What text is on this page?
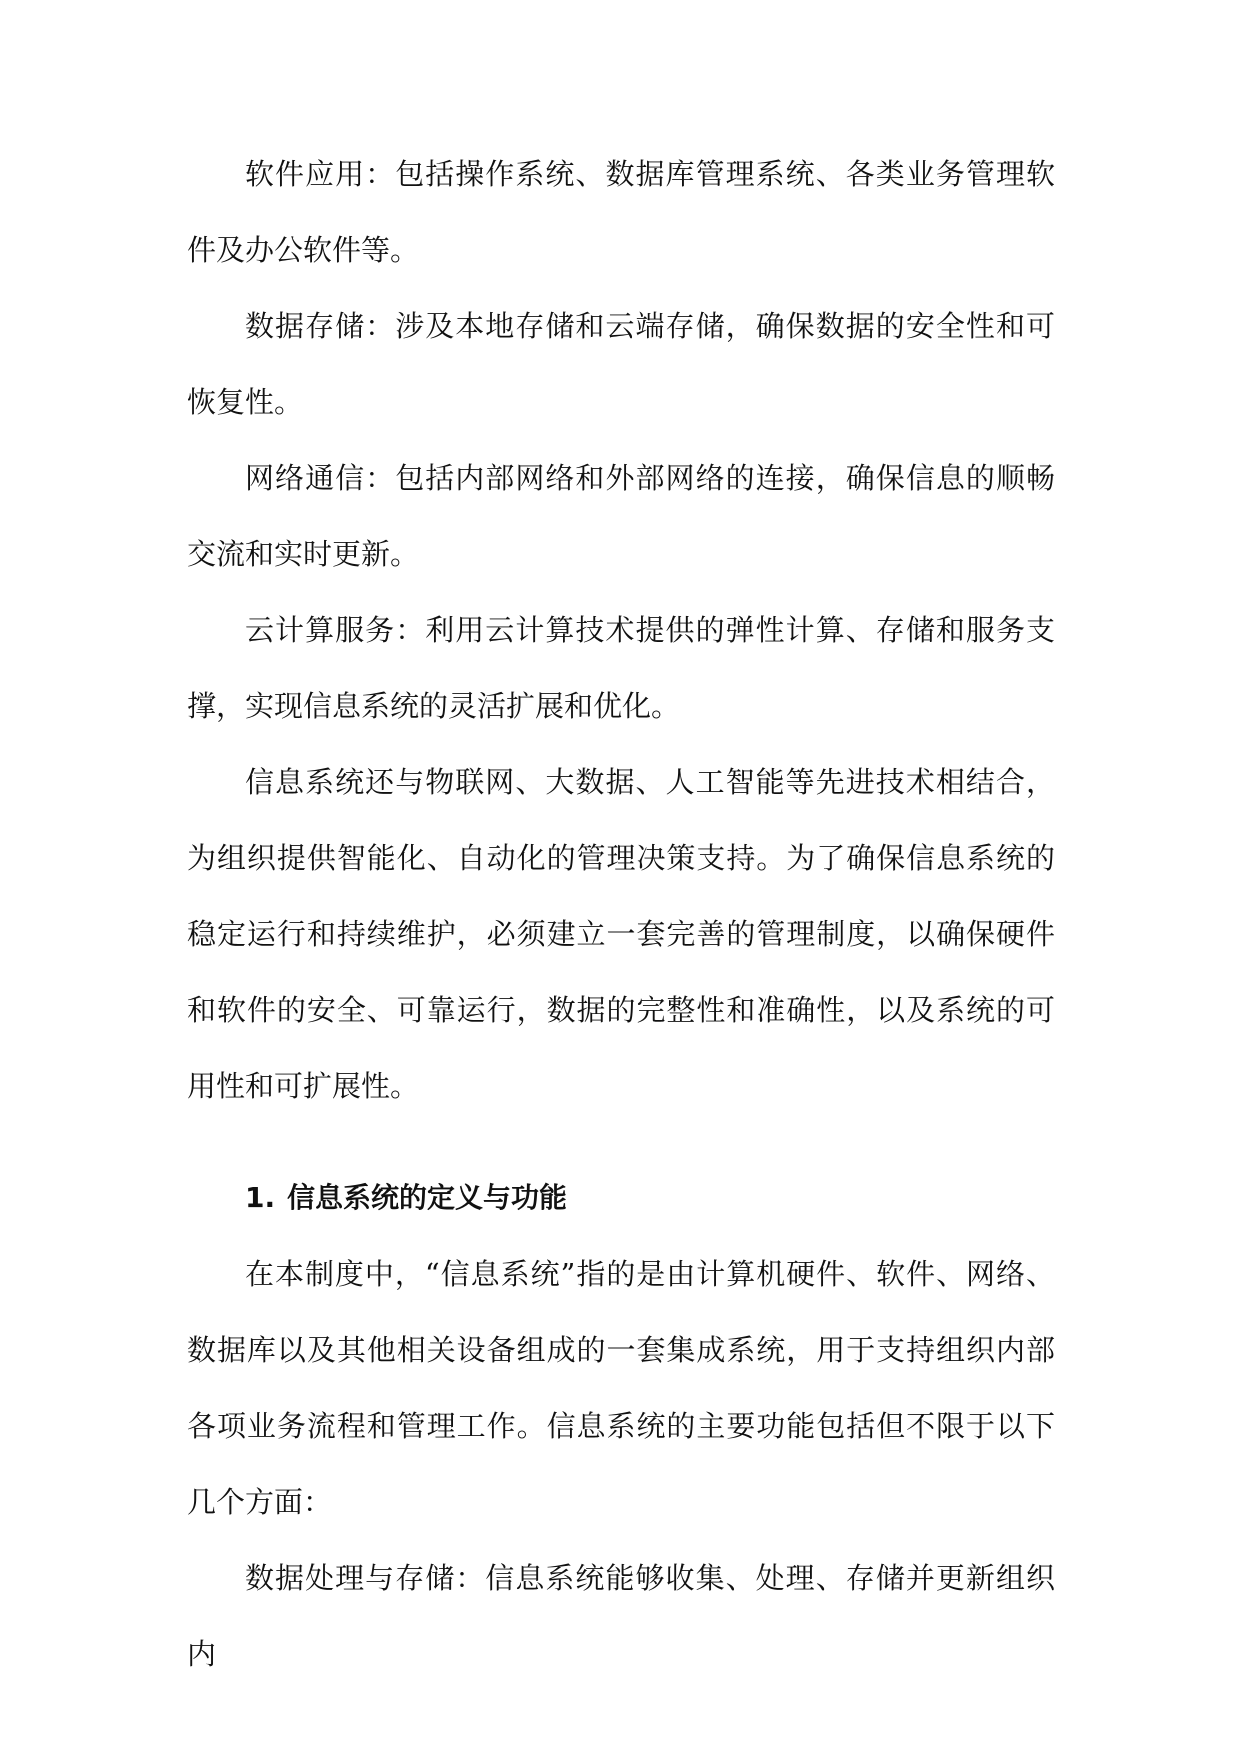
软件应用：包括操作系统、数据库管理系统、各类业务管理软件及办公软件等。

数据存储：涉及本地存储和云端存储，确保数据的安全性和可恢复性。

网络通信：包括内部网络和外部网络的连接，确保信息的顺畅交流和实时更新。

云计算服务：利用云计算技术提供的弹性计算、存储和服务支撑，实现信息系统的灵活扩展和优化。

信息系统还与物联网、大数据、人工智能等先进技术相结合，为组织提供智能化、自动化的管理决策支持。为了确保信息系统的稳定运行和持续维护，必须建立一套完善的管理制度，以确保硬件和软件的安全、可靠运行，数据的完整性和准确性，以及系统的可用性和可扩展性。

1. 信息系统的定义与功能

在本制度中，“信息系统”指的是由计算机硬件、软件、网络、数据库以及其他相关设备组成的一套集成系统，用于支持组织内部各项业务流程和管理工作。信息系统的主要功能包括但不限于以下几个方面：

数据处理与存储：信息系统能够收集、处理、存储并更新组织内
